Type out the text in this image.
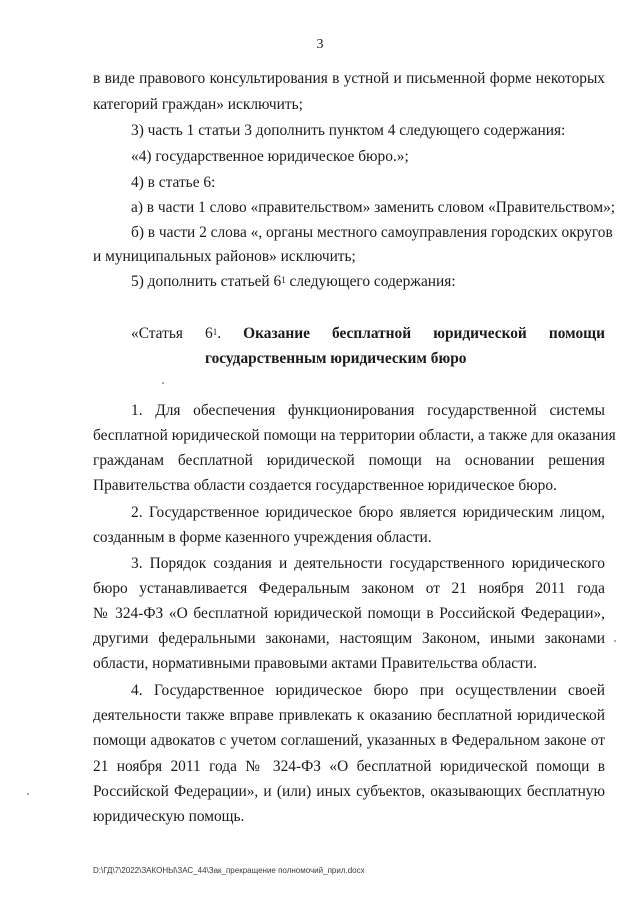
3
в виде правового консультирования в устной и письменной форме некоторых
категорий граждан» исключить;
3) часть 1 статьи 3 дополнить пунктом 4 следующего содержания:
«4) государственное юридическое бюро.»;
4) в статье 6:
а) в части 1 слово «правительством» заменить словом «Правительством»;
б) в части 2 слова «, органы местного самоуправления городских округов
и муниципальных районов» исключить;
5) дополнить статьей $6^1$ следующего содержания:
«Статья $6^1$. Оказание бесплатной юридической помощи
государственным юридическим бюро
1. Для обеспечения функционирования государственной системы
бесплатной юридической помощи на территории области, а также для оказания
гражданам бесплатной юридической помощи на основании решения
Правительства области создается государственное юридическое бюро.
2. Государственное юридическое бюро является юридическим лицом,
созданным в форме казенного учреждения области.
3. Порядок создания и деятельности государственного юридического
бюро устанавливается Федеральным законом от 21 ноября 2011 года
№ 324-ФЗ «О бесплатной юридической помощи в Российской Федерации»,
другими федеральными законами, настоящим Законом, иными законами
области, нормативными правовыми актами Правительства области.
4. Государственное юридическое бюро при осуществлении своей
деятельности также вправе привлекать к оказанию бесплатной юридической
помощи адвокатов с учетом соглашений, указанных в Федеральном законе от
21 ноября 2011 года № 324-ФЗ «О бесплатной юридической помощи в
Российской Федерации», и (или) иных субъектов, оказывающих бесплатную
юридическую помощь.
D:\ГД\7\2022\ЗАКОНЫ\ЗАС_44\Зак_прекращение полномочий_прил.docx
